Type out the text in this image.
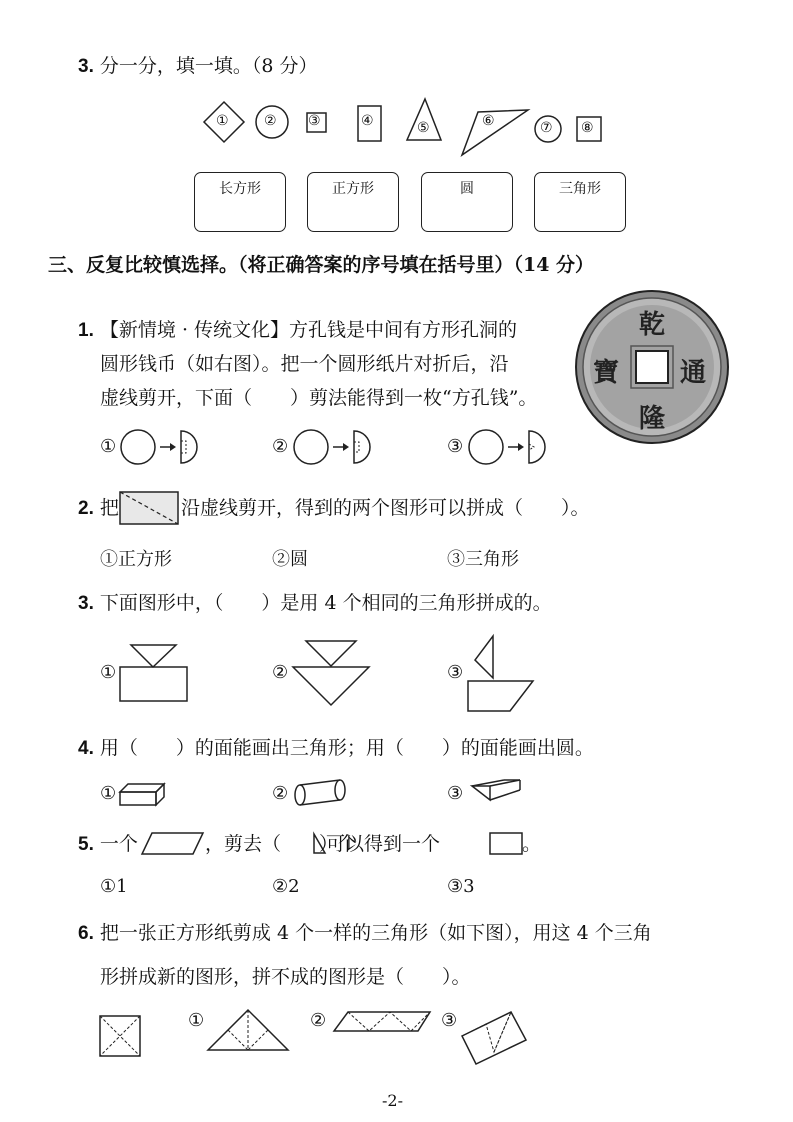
3. 分一分，填一填。（8 分）
①	② ③	④	⑤	⑥	⑦ ⑧
长方形	正方形	圆	三角形
三、反复比较慎选择。（将正确答案的序号填在括号里）（14 分）
1. 【新情境 · 传统文化】方孔钱是中间有方形孔洞的
圆形钱币（如右图）。把一个圆形纸片对折后，沿
虚线剪开，下面（　　）剪法能得到一枚“方孔钱”。
乾
寶 通
隆
①	②	③
2. 把	沿虚线剪开，得到的两个图形可以拼成（　　）。
①正方形	②圆	③三角形
3. 下面图形中，（　　）是用 4 个相同的三角形拼成的。
①	②	③
4. 用（　　）的面能画出三角形；用（　　）的面能画出圆。
①	②	③
5. 一个	，剪去（　　）个
可以得到一个	。
①1	②2	③3
6. 把一张正方形纸剪成 4 个一样的三角形（如下图），用这 4 个三角
形拼成新的图形，拼不成的图形是（　　）。
①	②	③
-2-
